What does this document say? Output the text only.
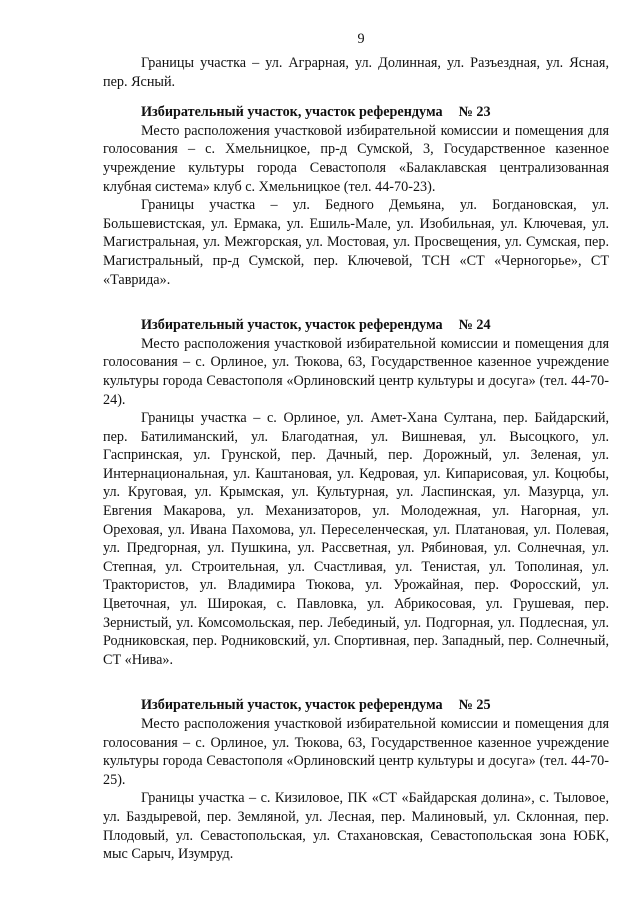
9

Границы участка – ул. Аграрная, ул. Долинная, ул. Разъездная, ул. Ясная, пер. Ясный.

Избирательный участок, участок референдума № 23

Место расположения участковой избирательной комиссии и помещения для голосования – с. Хмельницкое, пр-д Сумской, 3, Государственное казенное учреждение культуры города Севастополя «Балаклавская централизованная клубная система» клуб с. Хмельницкое (тел. 44-70-23).

Границы участка – ул. Бедного Демьяна, ул. Богдановская, ул. Большевистская, ул. Ермака, ул. Ешиль-Мале, ул. Изобильная, ул. Ключевая, ул. Магистральная, ул. Межгорская, ул. Мостовая, ул. Просвещения, ул. Сумская, пер. Магистральный, пр-д Сумской, пер. Ключевой, ТСН «СТ «Черногорье», СТ «Таврида».

Избирательный участок, участок референдума № 24

Место расположения участковой избирательной комиссии и помещения для голосования – с. Орлиное, ул. Тюкова, 63, Государственное казенное учреждение культуры города Севастополя «Орлиновский центр культуры и досуга» (тел. 44-70-24).

Границы участка – с. Орлиное, ул. Амет-Хана Султана, пер. Байдарский, пер. Батилиманский, ул. Благодатная, ул. Вишневая, ул. Высоцкого, ул. Гаспринская, ул. Грунской, пер. Дачный, пер. Дорожный, ул. Зеленая, ул. Интернациональная, ул. Каштановая, ул. Кедровая, ул. Кипарисовая, ул. Коцюбы, ул. Круговая, ул. Крымская, ул. Культурная, ул. Ласпинская, ул. Мазурца, ул. Евгения Макарова, ул. Механизаторов, ул. Молодежная, ул. Нагорная, ул. Ореховая, ул. Ивана Пахомова, ул. Переселенческая, ул. Платановая, ул. Полевая, ул. Предгорная, ул. Пушкина, ул. Рассветная, ул. Рябиновая, ул. Солнечная, ул. Степная, ул. Строительная, ул. Счастливая, ул. Тенистая, ул. Тополиная, ул. Трактористов, ул. Владимира Тюкова, ул. Урожайная, пер. Форосский, ул. Цветочная, ул. Широкая, с. Павловка, ул. Абрикосовая, ул. Грушевая, пер. Зернистый, ул. Комсомольская, пер. Лебединый, ул. Подгорная, ул. Подлесная, ул. Родниковская, пер. Родниковский, ул. Спортивная, пер. Западный, пер. Солнечный, СТ «Нива».

Избирательный участок, участок референдума № 25

Место расположения участковой избирательной комиссии и помещения для голосования – с. Орлиное, ул. Тюкова, 63, Государственное казенное учреждение культуры города Севастополя «Орлиновский центр культуры и досуга» (тел. 44-70-25).

Границы участка – с. Кизиловое, ПК «СТ «Байдарская долина», с. Тыловое, ул. Баздыревой, пер. Земляной, ул. Лесная, пер. Малиновый, ул. Склонная, пер. Плодовый, ул. Севастопольская, ул. Стахановская, Севастопольская зона ЮБК, мыс Сарыч, Изумруд.
